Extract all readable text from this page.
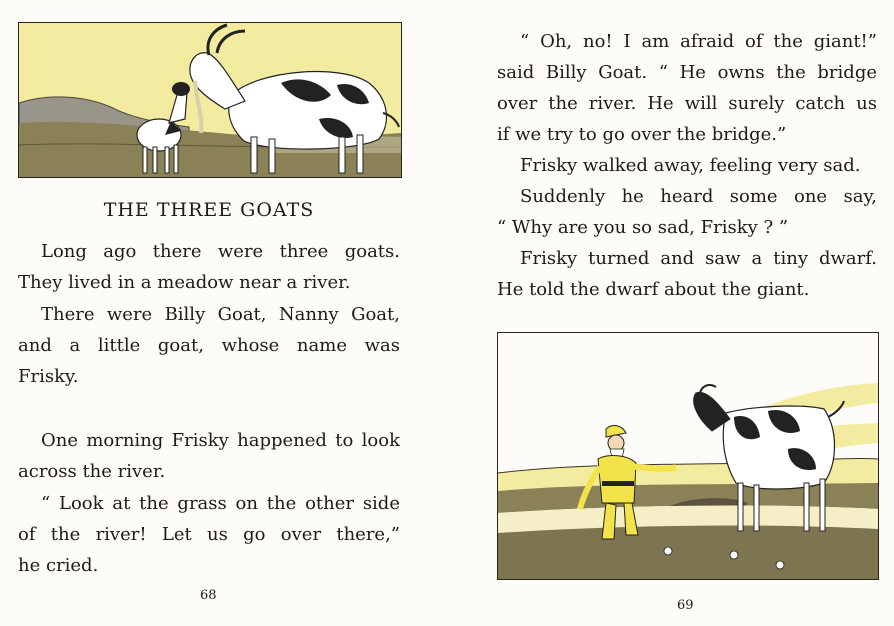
THE THREE GOATS

Long ago there were three goats.
They lived in a meadow near a river.

There were Billy Goat, Nanny Goat,
and a little goat, whose name was
Frisky.

One morning Frisky happened to look
across the river.

“ Look at the grass on the other side
of the river! Let us go over there,”
he cried.

68

“ Oh, no! I am afraid of the giant!”
said Billy Goat. “ He owns the bridge
over the river. He will surely catch us
if we try to go over the bridge.”

Frisky walked away, feeling very sad.

Suddenly he heard some one say,
“ Why are you so sad, Frisky ? ”

Frisky turned and saw a tiny dwarf.
He told the dwarf about the giant.

69
